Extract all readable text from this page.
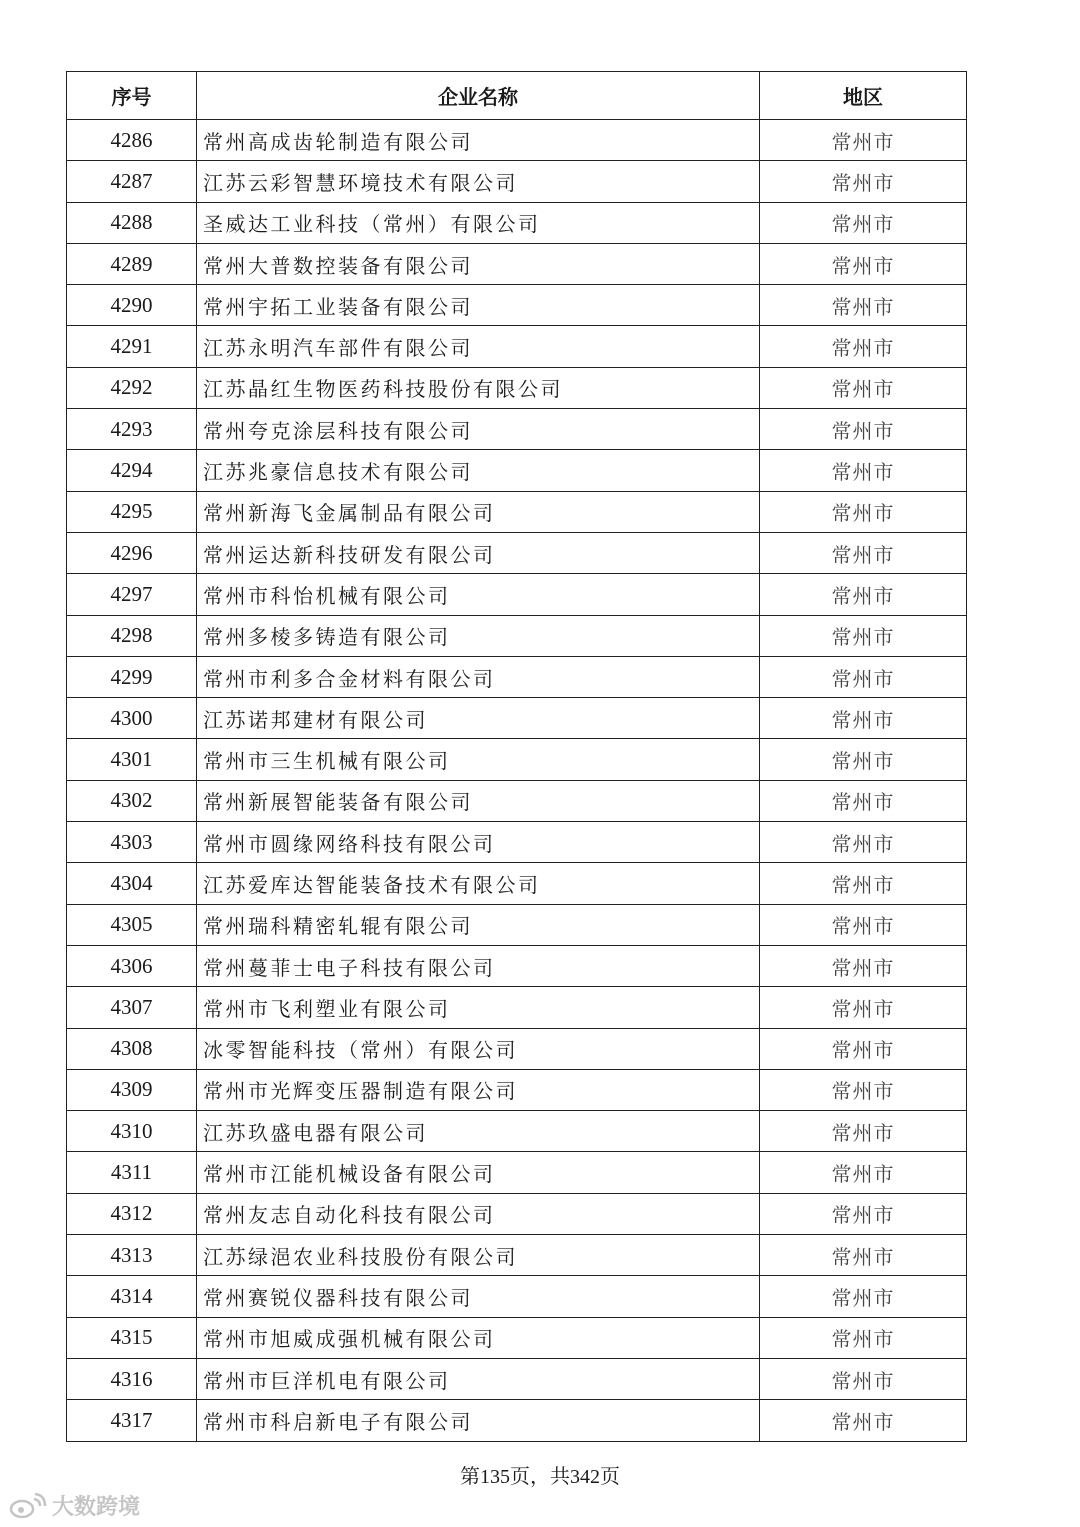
序号	企业名称	地区
4286	常州高成齿轮制造有限公司	常州市
4287	江苏云彩智慧环境技术有限公司	常州市
4288	圣威达工业科技（常州）有限公司	常州市
4289	常州大普数控装备有限公司	常州市
4290	常州宇拓工业装备有限公司	常州市
4291	江苏永明汽车部件有限公司	常州市
4292	江苏晶红生物医药科技股份有限公司	常州市
4293	常州夸克涂层科技有限公司	常州市
4294	江苏兆豪信息技术有限公司	常州市
4295	常州新海飞金属制品有限公司	常州市
4296	常州运达新科技研发有限公司	常州市
4297	常州市科怡机械有限公司	常州市
4298	常州多棱多铸造有限公司	常州市
4299	常州市利多合金材料有限公司	常州市
4300	江苏诺邦建材有限公司	常州市
4301	常州市三生机械有限公司	常州市
4302	常州新展智能装备有限公司	常州市
4303	常州市圆缘网络科技有限公司	常州市
4304	江苏爱库达智能装备技术有限公司	常州市
4305	常州瑞科精密轧辊有限公司	常州市
4306	常州蔓菲士电子科技有限公司	常州市
4307	常州市飞利塑业有限公司	常州市
4308	冰零智能科技（常州）有限公司	常州市
4309	常州市光辉变压器制造有限公司	常州市
4310	江苏玖盛电器有限公司	常州市
4311	常州市江能机械设备有限公司	常州市
4312	常州友志自动化科技有限公司	常州市
4313	江苏绿浥农业科技股份有限公司	常州市
4314	常州赛锐仪器科技有限公司	常州市
4315	常州市旭威成强机械有限公司	常州市
4316	常州市巨洋机电有限公司	常州市
4317	常州市科启新电子有限公司	常州市
第135页，共342页
大数跨境
